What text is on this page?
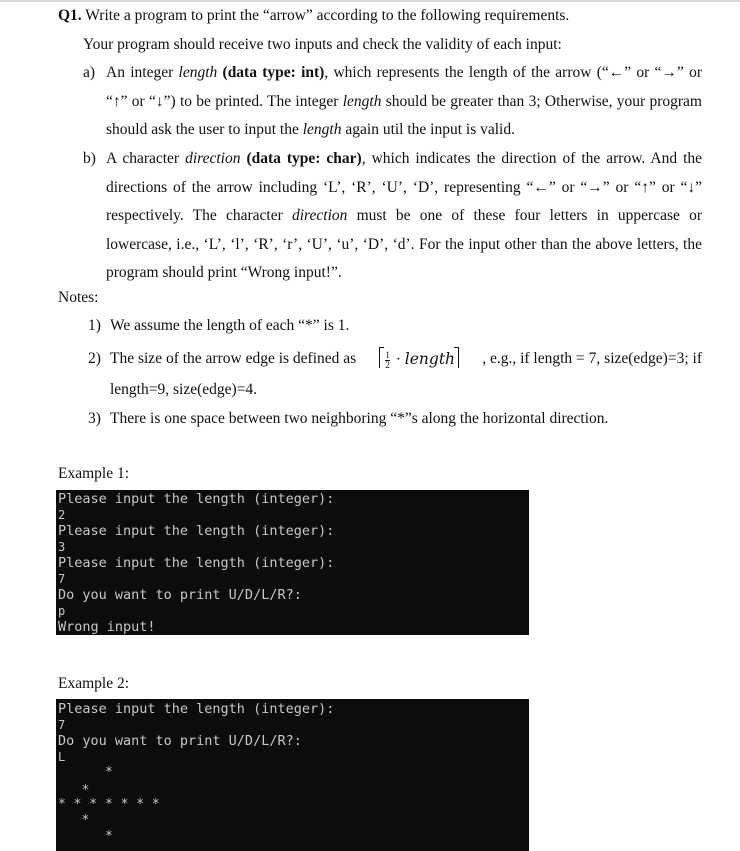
Q1. Write a program to print the “arrow” according to the following requirements.
Your program should receive two inputs and check the validity of each input:
a) An integer length (data type: int), which represents the length of the arrow (“←” or “→” or “↑” or “↓”) to be printed. The integer length should be greater than 3; Otherwise, your program should ask the user to input the length again util the input is valid.
b) A character direction (data type: char), which indicates the direction of the arrow. And the directions of the arrow including ‘L’, ‘R’, ‘U’, ‘D’, representing “←” or “→” or “↑” or “↓” respectively. The character direction must be one of these four letters in uppercase or lowercase, i.e., ‘L’, ‘l’, ‘R’, ‘r’, ‘U’, ‘u’, ‘D’, ‘d’. For the input other than the above letters, the program should print “Wrong input!”.
Notes:
1) We assume the length of each “*” is 1.
2) The size of the arrow edge is defined as	$\frac{1}{2}$ · length , e.g., if length = 7, size(edge)=3; if
length=9, size(edge)=4.
3) There is one space between two neighboring “*”s along the horizontal direction.
Example 1:
Please input the length (integer):
2
Please input the length (integer):
3
Please input the length (integer):
7
Do you want to print U/D/L/R?:
p
Wrong input!
Example 2:
Please input the length (integer):
7
Do you want to print U/D/L/R?:
L
*
*
* * * * * * *
*
*
